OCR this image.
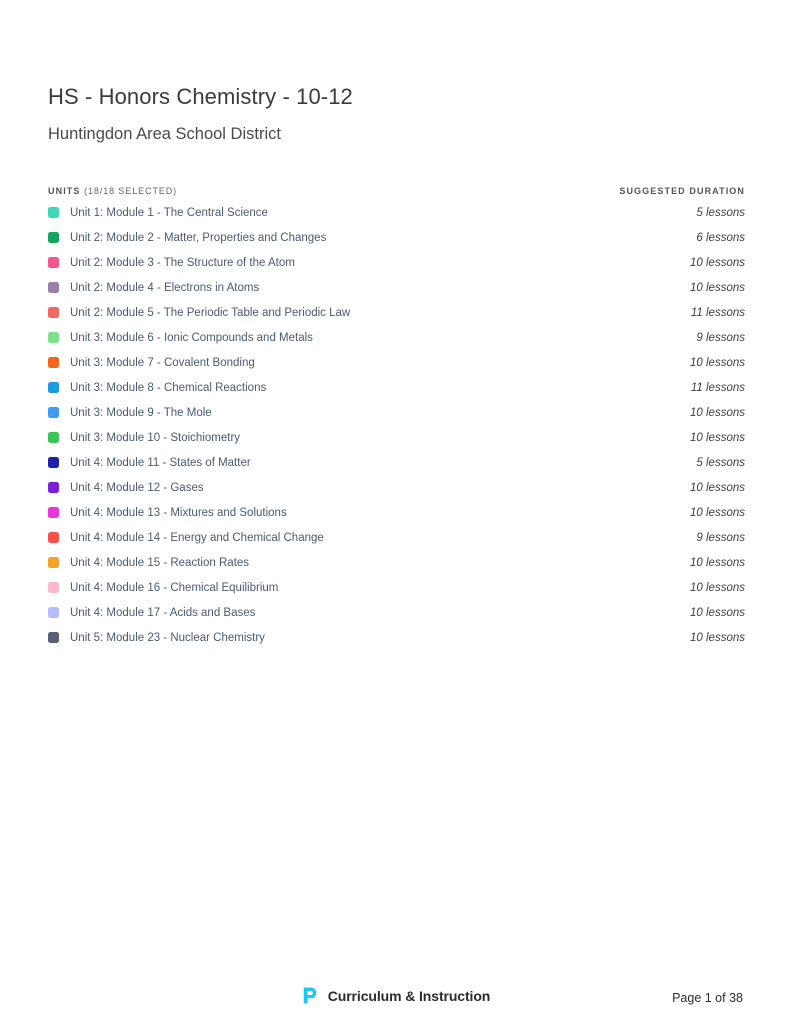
HS - Honors Chemistry - 10-12
Huntingdon Area School District
UNITS (18/18 SELECTED)	SUGGESTED DURATION
Unit 1: Module 1 - The Central Science	5 lessons
Unit 2: Module 2 - Matter, Properties and Changes	6 lessons
Unit 2: Module 3 - The Structure of the Atom	10 lessons
Unit 2: Module 4 - Electrons in Atoms	10 lessons
Unit 2: Module 5 - The Periodic Table and Periodic Law	11 lessons
Unit 3: Module 6 - Ionic Compounds and Metals	9 lessons
Unit 3: Module 7 - Covalent Bonding	10 lessons
Unit 3: Module 8 - Chemical Reactions	11 lessons
Unit 3: Module 9 - The Mole	10 lessons
Unit 3: Module 10 - Stoichiometry	10 lessons
Unit 4: Module 11 - States of Matter	5 lessons
Unit 4: Module 12 - Gases	10 lessons
Unit 4: Module 13 - Mixtures and Solutions	10 lessons
Unit 4: Module 14 - Energy and Chemical Change	9 lessons
Unit 4: Module 15 - Reaction Rates	10 lessons
Unit 4: Module 16 - Chemical Equilibrium	10 lessons
Unit 4: Module 17 - Acids and Bases	10 lessons
Unit 5: Module 23 - Nuclear Chemistry	10 lessons
Curriculum & Instruction	Page 1 of 38
